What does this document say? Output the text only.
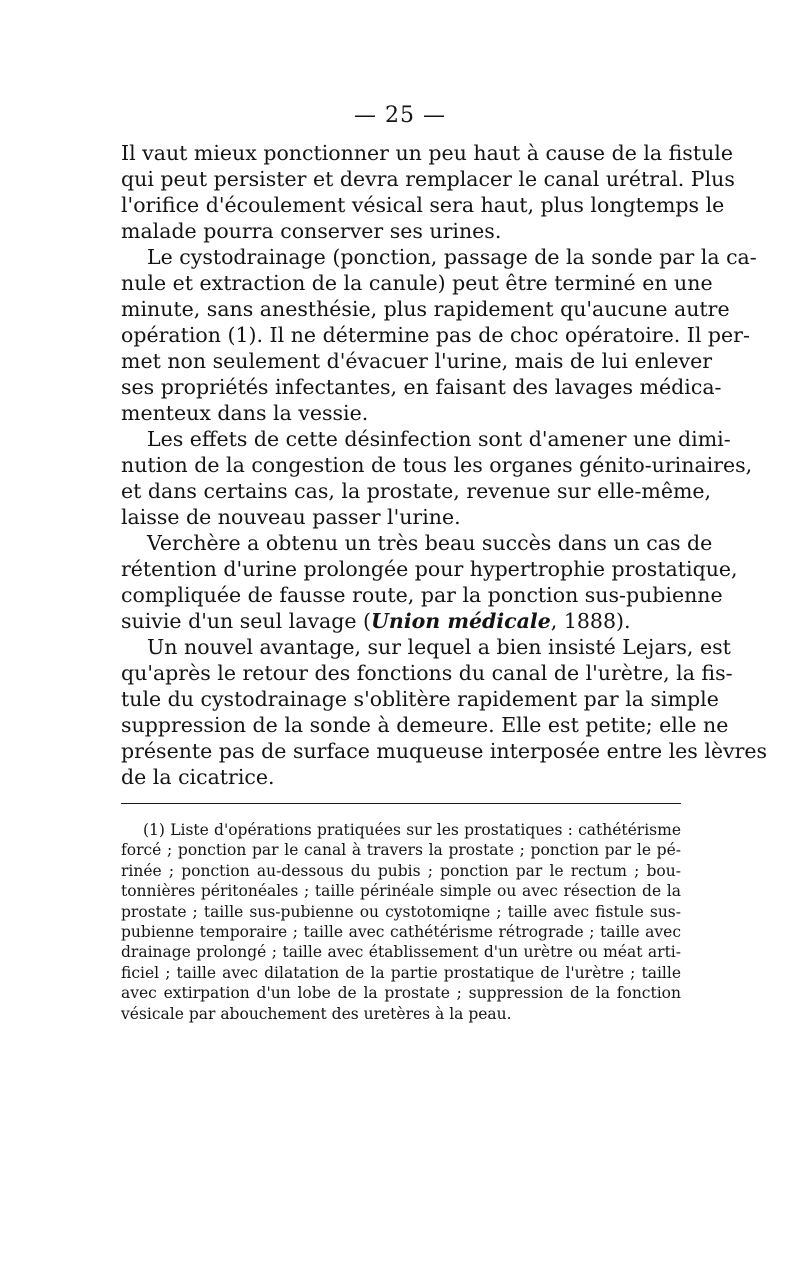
— 25 —
Il vaut mieux ponctionner un peu haut à cause de la fistule
qui peut persister et devra remplacer le canal urétral. Plus
l'orifice d'écoulement vésical sera haut, plus longtemps le
malade pourra conserver ses urines.
Le cystodrainage (ponction, passage de la sonde par la ca-
nule et extraction de la canule) peut être terminé en une
minute, sans anesthésie, plus rapidement qu'aucune autre
opération (1). Il ne détermine pas de choc opératoire. Il per-
met non seulement d'évacuer l'urine, mais de lui enlever
ses propriétés infectantes, en faisant des lavages médica-
menteux dans la vessie.
Les effets de cette désinfection sont d'amener une dimi-
nution de la congestion de tous les organes génito-urinaires,
et dans certains cas, la prostate, revenue sur elle-même,
laisse de nouveau passer l'urine.
Verchère a obtenu un très beau succès dans un cas de
rétention d'urine prolongée pour hypertrophie prostatique,
compliquée de fausse route, par la ponction sus-pubienne
suivie d'un seul lavage (Union médicale, 1888).
Un nouvel avantage, sur lequel a bien insisté Lejars, est
qu'après le retour des fonctions du canal de l'urètre, la fis-
tule du cystodrainage s'oblitère rapidement par la simple
suppression de la sonde à demeure. Elle est petite; elle ne
présente pas de surface muqueuse interposée entre les lèvres
de la cicatrice.
(1) Liste d'opérations pratiquées sur les prostatiques : cathétérisme
forcé ; ponction par le canal à travers la prostate ; ponction par le pé-
rinée ; ponction au-dessous du pubis ; ponction par le rectum ; bou-
tonnières péritonéales ; taille périnéale simple ou avec résection de la
prostate ; taille sus-pubienne ou cystotomiqne ; taille avec fistule sus-
pubienne temporaire ; taille avec cathétérisme rétrograde ; taille avec
drainage prolongé ; taille avec établissement d'un urètre ou méat arti-
ficiel ; taille avec dilatation de la partie prostatique de l'urètre ; taille
avec extirpation d'un lobe de la prostate ; suppression de la fonction
vésicale par abouchement des uretères à la peau.
